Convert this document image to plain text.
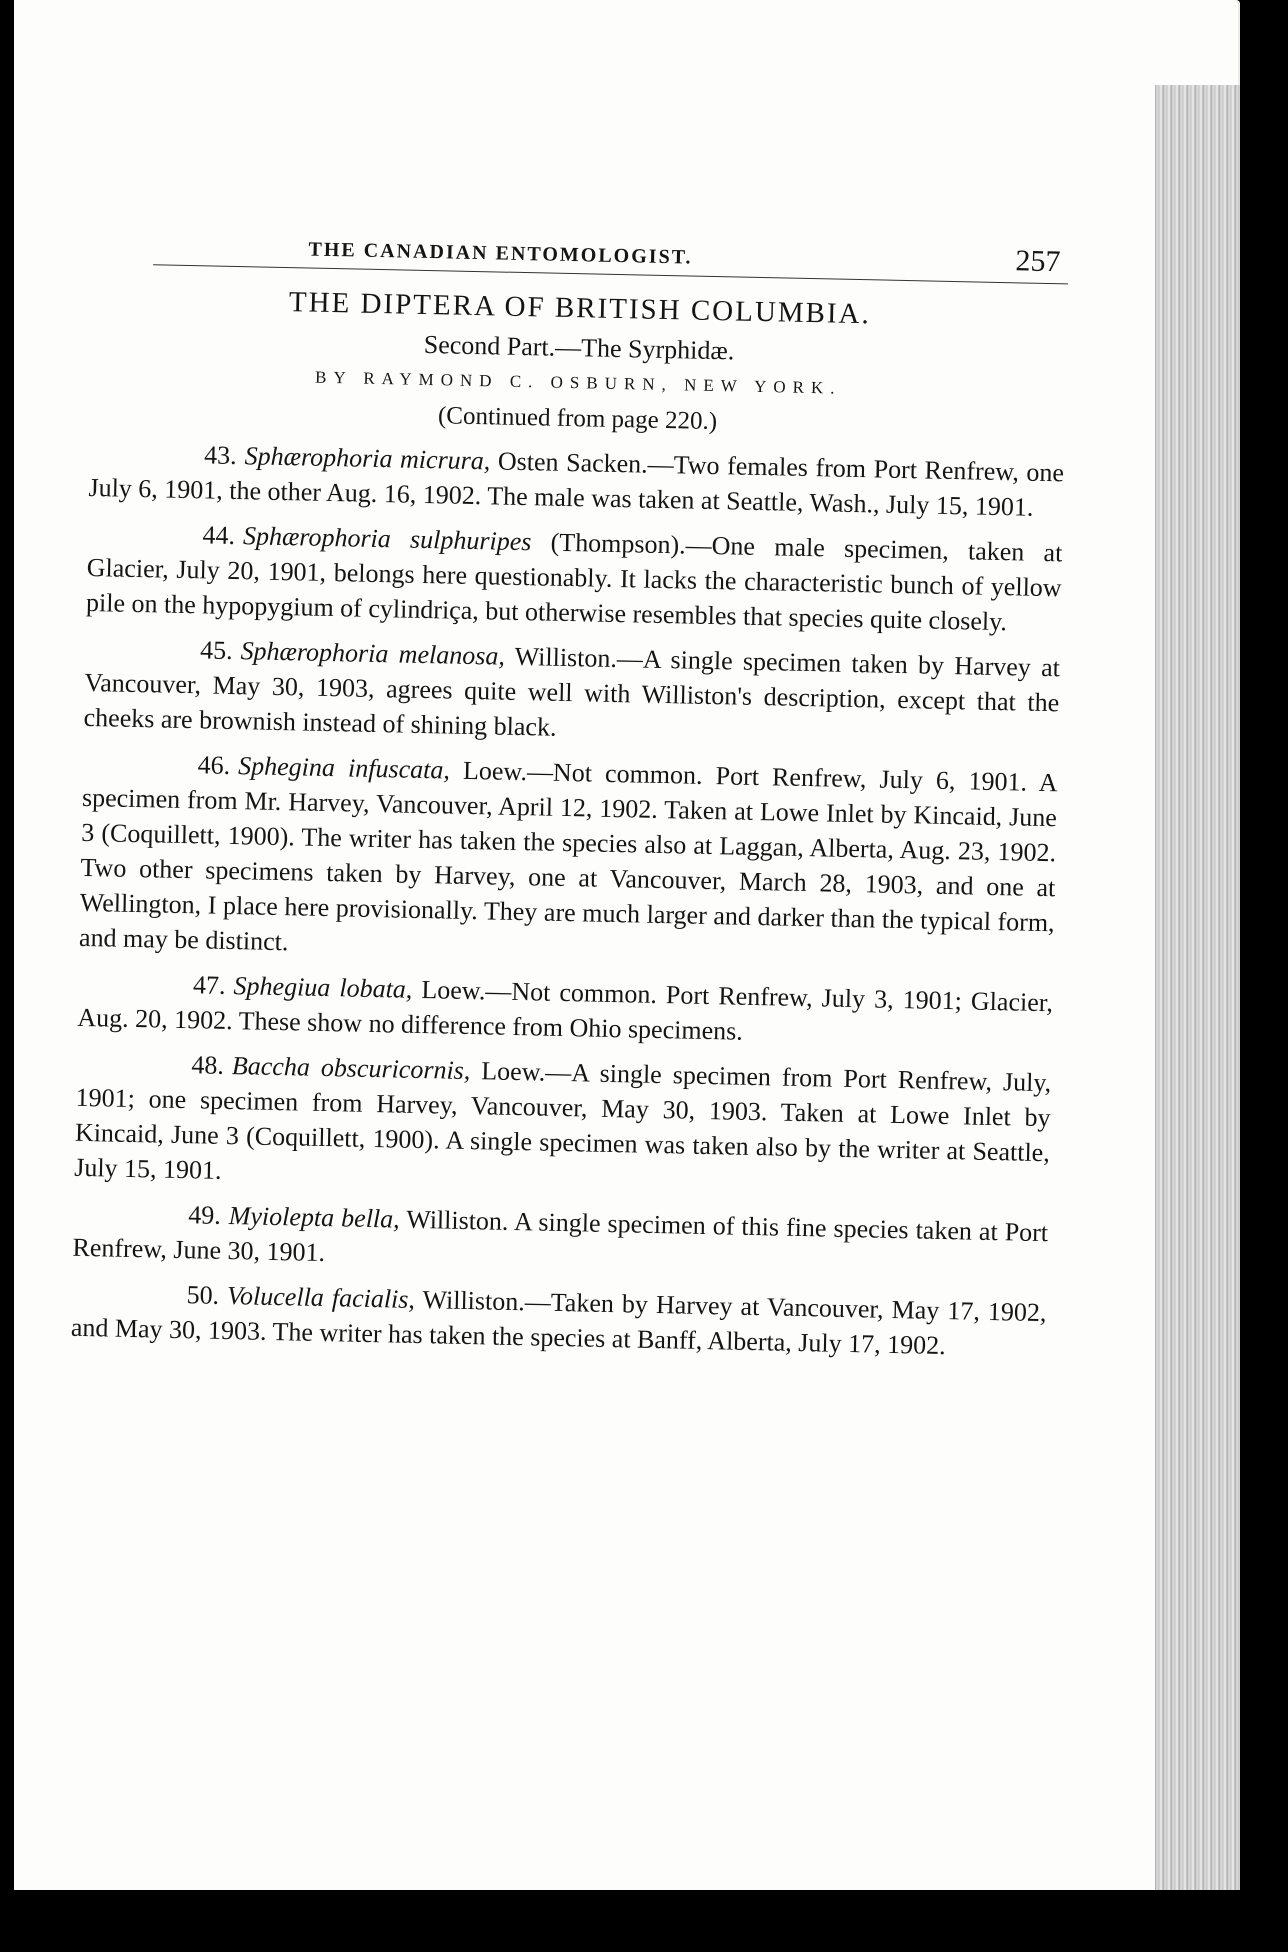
THE CANADIAN ENTOMOLOGIST.	257
THE DIPTERA OF BRITISH COLUMBIA.
Second Part.—The Syrphidæ.
BY RAYMOND C. OSBURN, NEW YORK.
(Continued from page 220.)

43. Sphærophoria micrura, Osten Sacken.—Two females from Port Renfrew, one July 6, 1901, the other Aug. 16, 1902. The male was taken at Seattle, Wash., July 15, 1901.

44. Sphærophoria sulphuripes (Thompson).—One male specimen, taken at Glacier, July 20, 1901, belongs here questionably. It lacks the characteristic bunch of yellow pile on the hypopygium of cylindriça, but otherwise resembles that species quite closely.

45. Sphærophoria melanosa, Williston.—A single specimen taken by Harvey at Vancouver, May 30, 1903, agrees quite well with Williston's description, except that the cheeks are brownish instead of shining black.

46. Sphegina infuscata, Loew.—Not common. Port Renfrew, July 6, 1901. A specimen from Mr. Harvey, Vancouver, April 12, 1902. Taken at Lowe Inlet by Kincaid, June 3 (Coquillett, 1900). The writer has taken the species also at Laggan, Alberta, Aug. 23, 1902. Two other specimens taken by Harvey, one at Vancouver, March 28, 1903, and one at Wellington, I place here provisionally. They are much larger and darker than the typical form, and may be distinct.

47. Sphegiua lobata, Loew.—Not common. Port Renfrew, July 3, 1901; Glacier, Aug. 20, 1902. These show no difference from Ohio specimens.

48. Baccha obscuricornis, Loew.—A single specimen from Port Renfrew, July, 1901; one specimen from Harvey, Vancouver, May 30, 1903. Taken at Lowe Inlet by Kincaid, June 3 (Coquillett, 1900). A single specimen was taken also by the writer at Seattle, July 15, 1901.

49. Myiolepta bella, Williston. A single specimen of this fine species taken at Port Renfrew, June 30, 1901.

50. Volucella facialis, Williston.—Taken by Harvey at Vancouver, May 17, 1902, and May 30, 1903. The writer has taken the species at Banff, Alberta, July 17, 1902.
